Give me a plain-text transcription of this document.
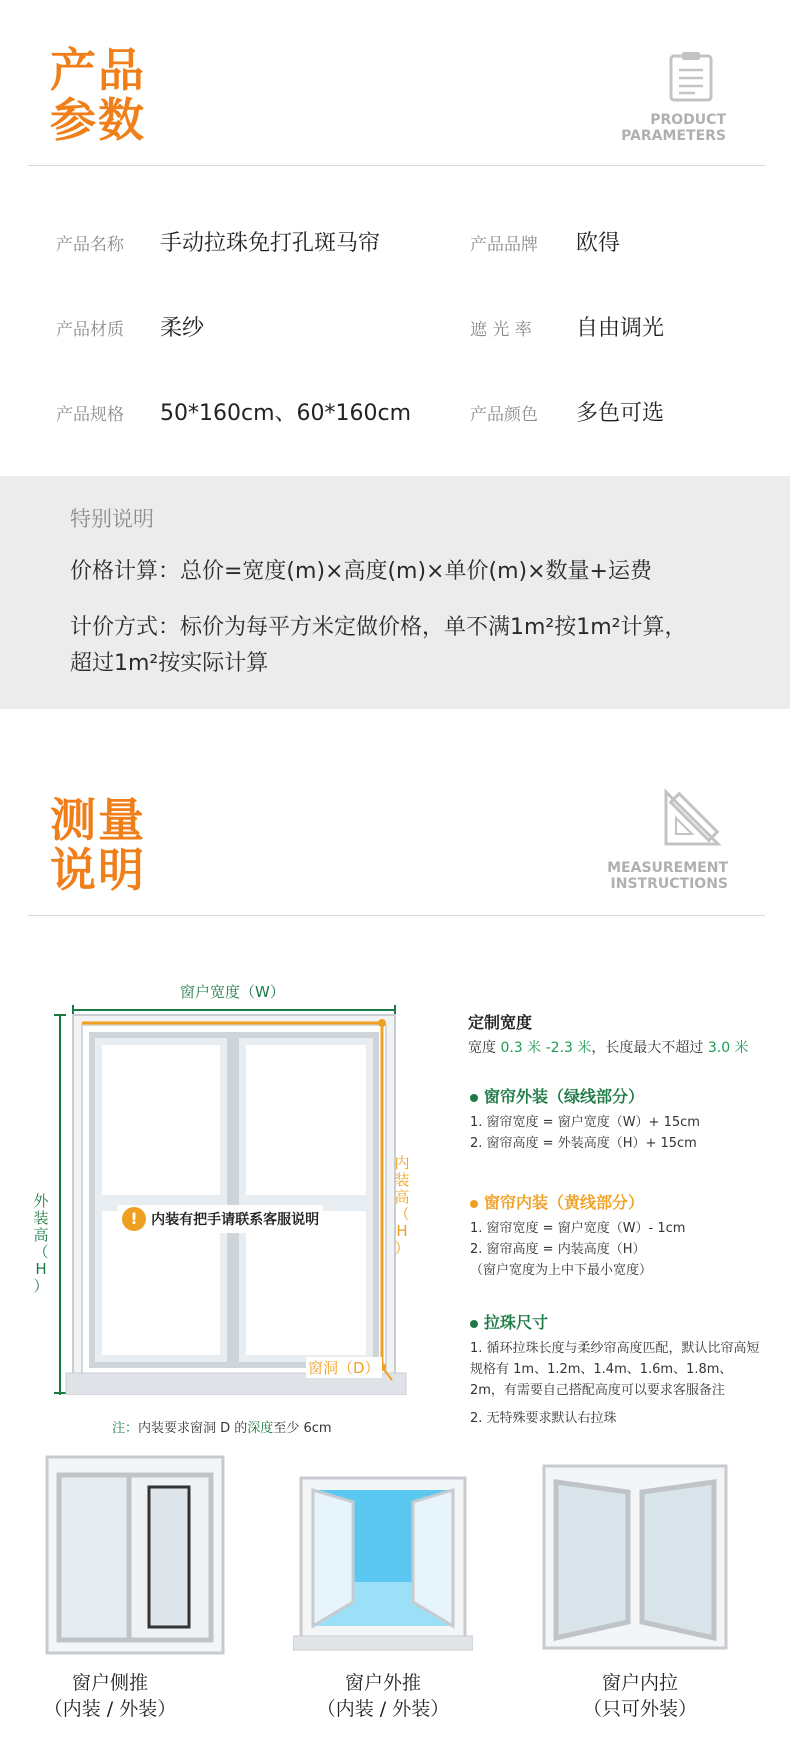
产品
参数	PRODUCT
PARAMETERS
产品名称 手动拉珠免打孔斑马帘	产品品牌 欧得
产品材质 柔纱	遮 光 率 自由调光
产品规格 50*160cm、60*160cm	产品颜色 多色可选
特别说明
价格计算：总价=宽度(m)×高度(m)×单价(m)×数量+运费
计价方式：标价为每平方米定做价格，单不满1m²按1m²计算，
超过1m²按实际计算
测量
说明	MEASUREMENT
INSTRUCTIONS
窗户宽度（W）
外
装
高
（
H
）
内
装
高
（
H
）
! 内装有把手请联系客服说明
窗洞（D）
注：内装要求窗洞 D 的深度至少 6cm
定制宽度
宽度 0.3 米 -2.3 米，长度最大不超过 3.0 米
窗帘外装（绿线部分）
1. 窗帘宽度 = 窗户宽度（W）+ 15cm
2. 窗帘高度 = 外装高度（H）+ 15cm
窗帘内装（黄线部分）
1. 窗帘宽度 = 窗户宽度（W）- 1cm
2. 窗帘高度 = 内装高度（H）
（窗户宽度为上中下最小宽度）
拉珠尺寸
1. 循环拉珠长度与柔纱帘高度匹配，默认比帘高短
规格有 1m、1.2m、1.4m、1.6m、1.8m、
2m，有需要自己搭配高度可以要求客服备注
2. 无特殊要求默认右拉珠
窗户侧推
（内装 / 外装）
窗户外推
（内装 / 外装）
窗户内拉
（只可外装）
